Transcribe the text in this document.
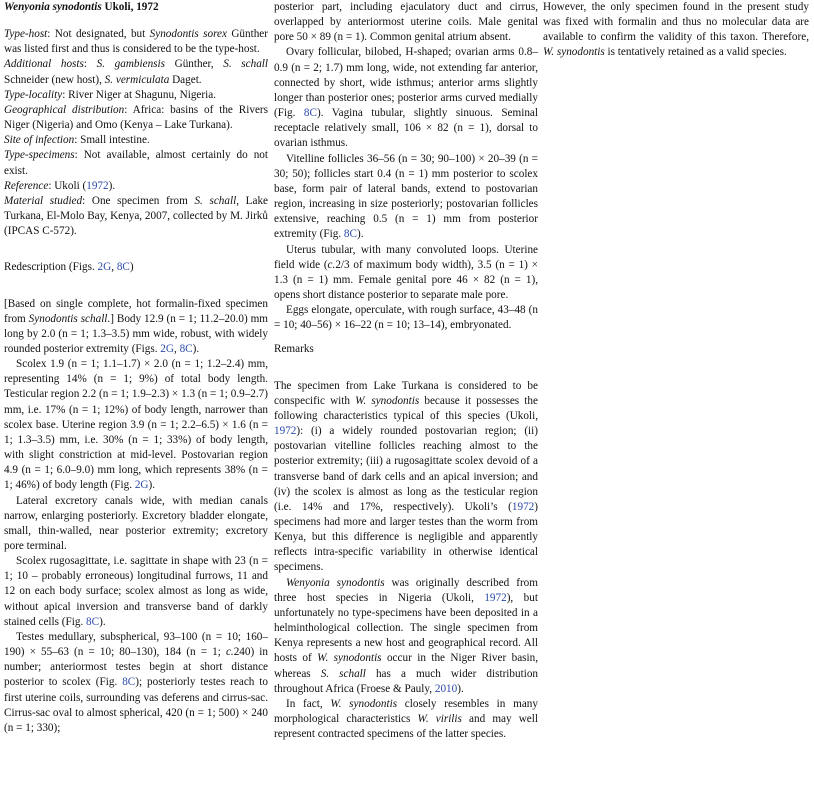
Wenyonia synodontis Ukoli, 1972

Type-host: Not designated, but Synodontis sorex Günther was listed first and thus is considered to be the type-host.

Additional hosts: S. gambiensis Günther, S. schall Schneider (new host), S. vermiculata Daget.

Type-locality: River Niger at Shagunu, Nigeria.

Geographical distribution: Africa: basins of the Rivers Niger (Nigeria) and Omo (Kenya – Lake Turkana).

Site of infection: Small intestine.

Type-specimens: Not available, almost certainly do not exist.

Reference: Ukoli (1972).

Material studied: One specimen from S. schall, Lake Turkana, El-Molo Bay, Kenya, 2007, collected by M. Jirků (IPCAS C-572).

Redescription (Figs. 2G, 8C)

[Based on single complete, hot formalin-fixed specimen from Synodontis schall.] Body 12.9 (n = 1; 11.2–20.0) mm long by 2.0 (n = 1; 1.3–3.5) mm wide, robust, with widely rounded posterior extremity (Figs. 2G, 8C).

Scolex 1.9 (n = 1; 1.1–1.7) × 2.0 (n = 1; 1.2–2.4) mm, representing 14% (n = 1; 9%) of total body length. Testicular region 2.2 (n = 1; 1.9–2.3) × 1.3 (n = 1; 0.9–2.7) mm, i.e. 17% (n = 1; 12%) of body length, narrower than scolex base. Uterine region 3.9 (n = 1; 2.2–6.5) × 1.6 (n = 1; 1.3–3.5) mm, i.e. 30% (n = 1; 33%) of body length, with slight constriction at mid-level. Postovarian region 4.9 (n = 1; 6.0–9.0) mm long, which represents 38% (n = 1; 46%) of body length (Fig. 2G).

Lateral excretory canals wide, with median canals narrow, enlarging posteriorly. Excretory bladder elongate, small, thin-walled, near posterior extremity; excretory pore terminal.

Scolex rugosagittate, i.e. sagittate in shape with 23 (n = 1; 10 – probably erroneous) longitudinal furrows, 11 and 12 on each body surface; scolex almost as long as wide, without apical inversion and transverse band of darkly stained cells (Fig. 8C).

Testes medullary, subspherical, 93–100 (n = 10; 160–190) × 55–63 (n = 10; 80–130), 184 (n = 1; c.240) in number; anteriormost testes begin at short distance posterior to scolex (Fig. 8C); posteriorly testes reach to first uterine coils, surrounding vas deferens and cirrus-sac. Cirrus-sac oval to almost spherical, 420 (n = 1; 500) × 240 (n = 1; 330);

posterior part, including ejaculatory duct and cirrus, overlapped by anteriormost uterine coils. Male genital pore 50 × 89 (n = 1). Common genital atrium absent.

Ovary follicular, bilobed, H-shaped; ovarian arms 0.8–0.9 (n = 2; 1.7) mm long, wide, not extending far anterior, connected by short, wide isthmus; anterior arms slightly longer than posterior ones; posterior arms curved medially (Fig. 8C). Vagina tubular, slightly sinuous. Seminal receptacle relatively small, 106 × 82 (n = 1), dorsal to ovarian isthmus.

Vitelline follicles 36–56 (n = 30; 90–100) × 20–39 (n = 30; 50); follicles start 0.4 (n = 1) mm posterior to scolex base, form pair of lateral bands, extend to postovarian region, increasing in size posteriorly; postovarian follicles extensive, reaching 0.5 (n = 1) mm from posterior extremity (Fig. 8C).

Uterus tubular, with many convoluted loops. Uterine field wide (c.2/3 of maximum body width), 3.5 (n = 1) × 1.3 (n = 1) mm. Female genital pore 46 × 82 (n = 1), opens short distance posterior to separate male pore.

Eggs elongate, operculate, with rough surface, 43–48 (n = 10; 40–56) × 16–22 (n = 10; 13–14), embryonated.

Remarks

The specimen from Lake Turkana is considered to be conspecific with W. synodontis because it possesses the following characteristics typical of this species (Ukoli, 1972): (i) a widely rounded postovarian region; (ii) postovarian vitelline follicles reaching almost to the posterior extremity; (iii) a rugosagittate scolex devoid of a transverse band of dark cells and an apical inversion; and (iv) the scolex is almost as long as the testicular region (i.e. 14% and 17%, respectively). Ukoli’s (1972) specimens had more and larger testes than the worm from Kenya, but this difference is negligible and apparently reflects intra-specific variability in otherwise identical specimens.

Wenyonia synodontis was originally described from three host species in Nigeria (Ukoli, 1972), but unfortunately no type-specimens have been deposited in a helminthological collection. The single specimen from Kenya represents a new host and geographical record. All hosts of W. synodontis occur in the Niger River basin, whereas S. schall has a much wider distribution throughout Africa (Froese & Pauly, 2010).

In fact, W. synodontis closely resembles in many morphological characteristics W. virilis and may well represent contracted specimens of the latter species.

However, the only specimen found in the present study was fixed with formalin and thus no molecular data are available to confirm the validity of this taxon. Therefore, W. synodontis is tentatively retained as a valid species.
